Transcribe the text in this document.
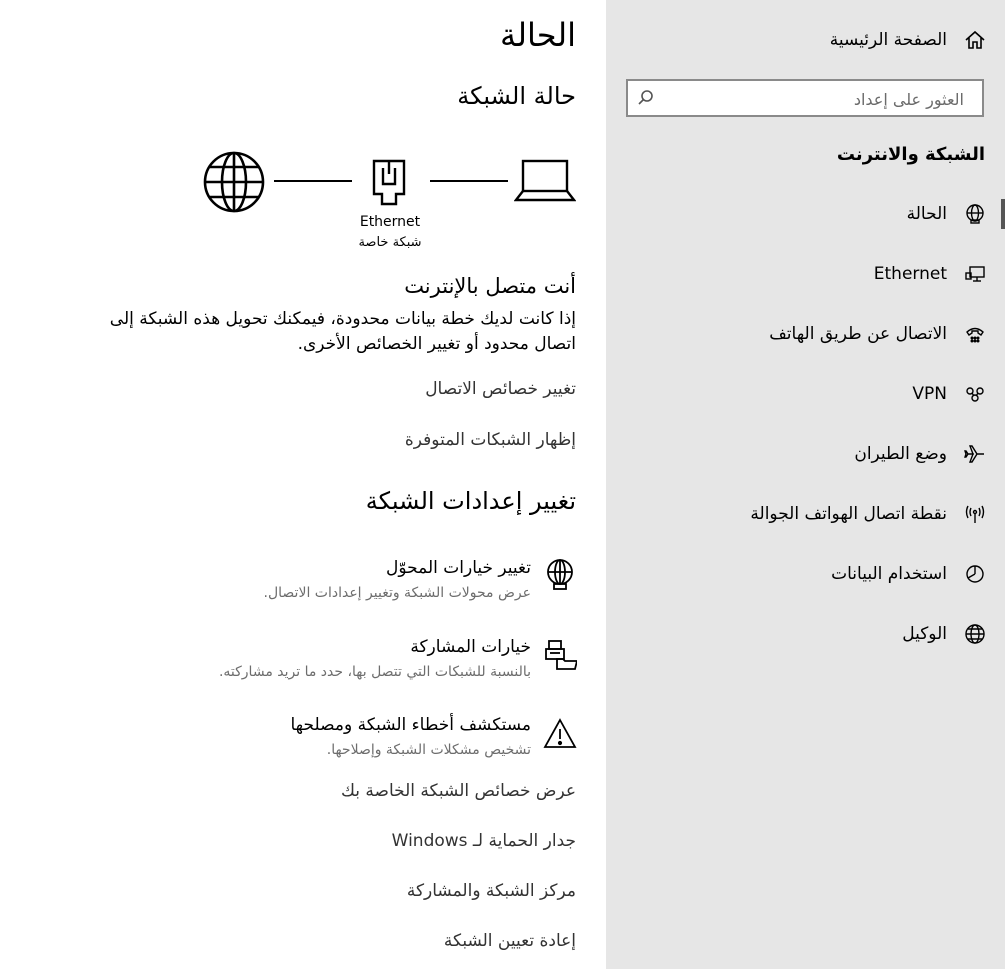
الحالة
حالة الشبكة
Ethernet
شبكة خاصة
أنت متصل بالإنترنت
إذا كانت لديك خطة بيانات محدودة، فيمكنك تحويل هذه الشبكة إلى
اتصال محدود أو تغيير الخصائص الأخرى.
تغيير خصائص الاتصال
إظهار الشبكات المتوفرة
تغيير إعدادات الشبكة
تغيير خيارات المحوّل
عرض محولات الشبكة وتغيير إعدادات الاتصال.
خيارات المشاركة
بالنسبة للشبكات التي تتصل بها، حدد ما تريد مشاركته.
مستكشف أخطاء الشبكة ومصلحها
تشخيص مشكلات الشبكة وإصلاحها.
عرض خصائص الشبكة الخاصة بك
جدار الحماية لـ Windows
مركز الشبكة والمشاركة
إعادة تعيين الشبكة
الصفحة الرئيسية
العثور على إعداد
الشبكة والانترنت
الحالة
Ethernet
الاتصال عن طريق الهاتف
VPN
وضع الطيران
نقطة اتصال الهواتف الجوالة
استخدام البيانات
الوكيل
